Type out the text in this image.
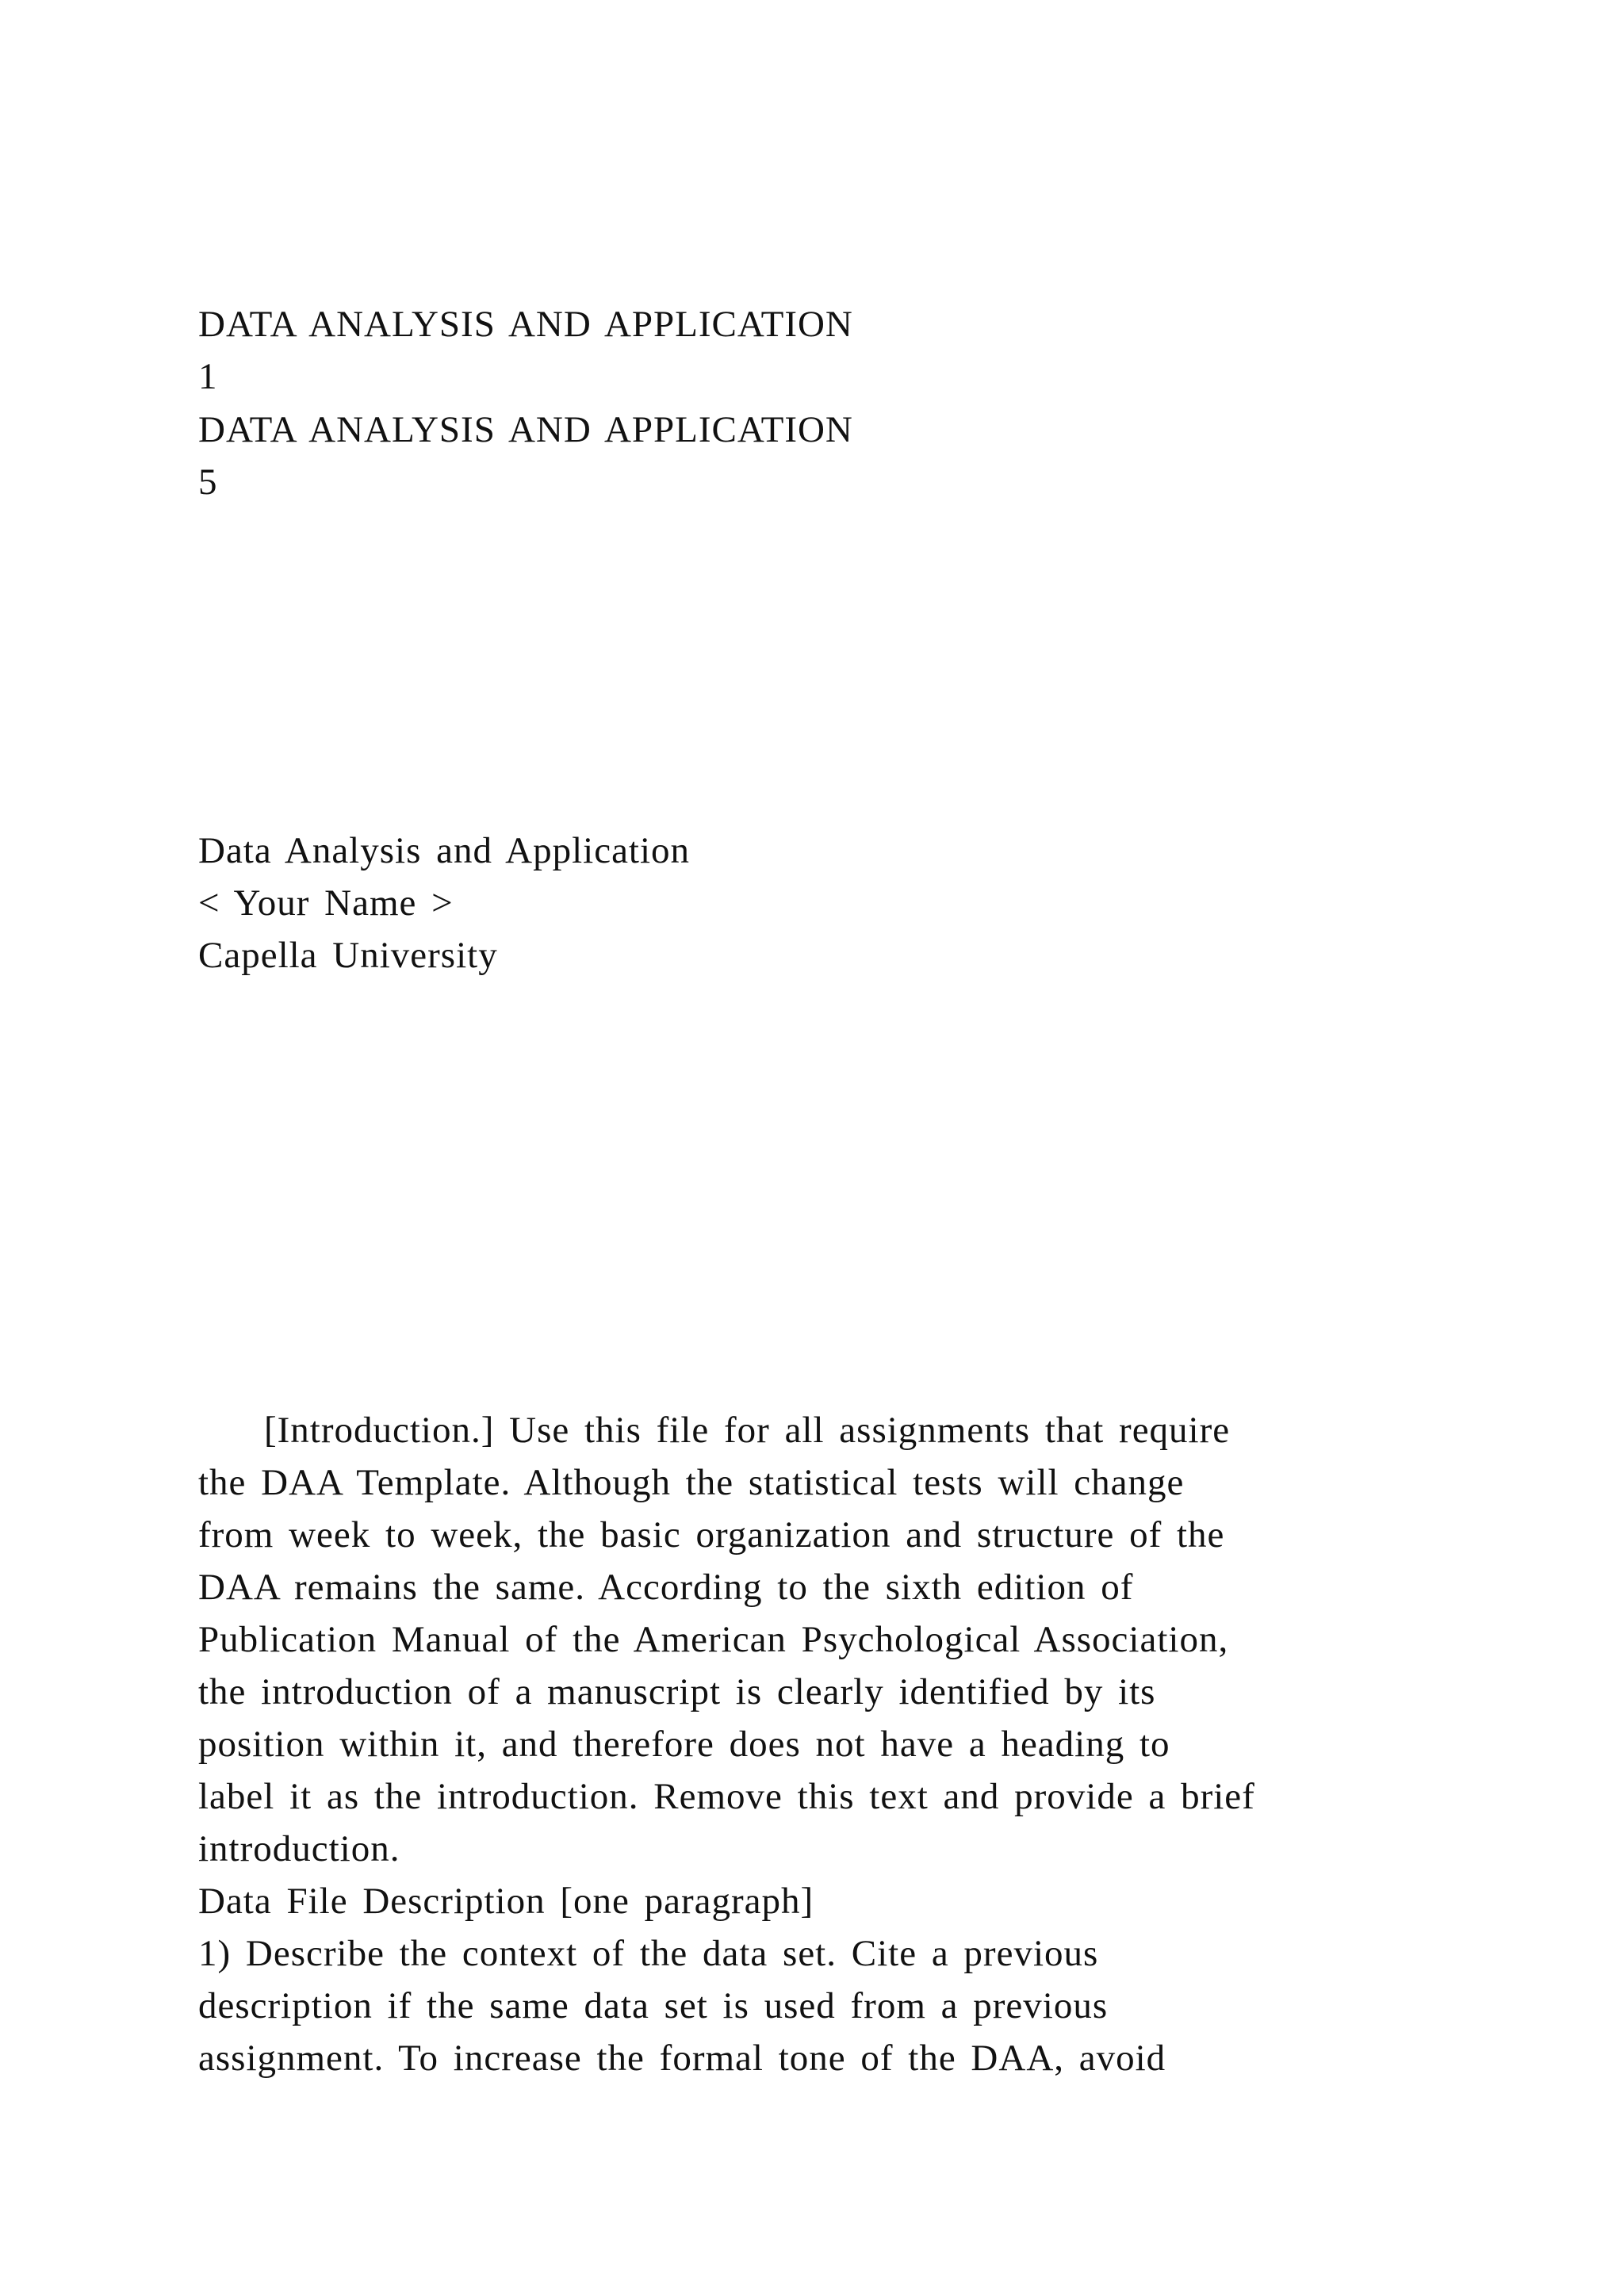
DATA ANALYSIS AND APPLICATION
1
DATA ANALYSIS AND APPLICATION
5
Data Analysis and Application
< Your Name >
Capella University
[Introduction.] Use this file for all assignments that require
the DAA Template. Although the statistical tests will change
from week to week, the basic organization and structure of the
DAA remains the same. According to the sixth edition of
Publication Manual of the American Psychological Association,
the introduction of a manuscript is clearly identified by its
position within it, and therefore does not have a heading to
label it as the introduction. Remove this text and provide a brief
introduction.
Data File Description [one paragraph]
1) Describe the context of the data set. Cite a previous
description if the same data set is used from a previous
assignment. To increase the formal tone of the DAA, avoid
